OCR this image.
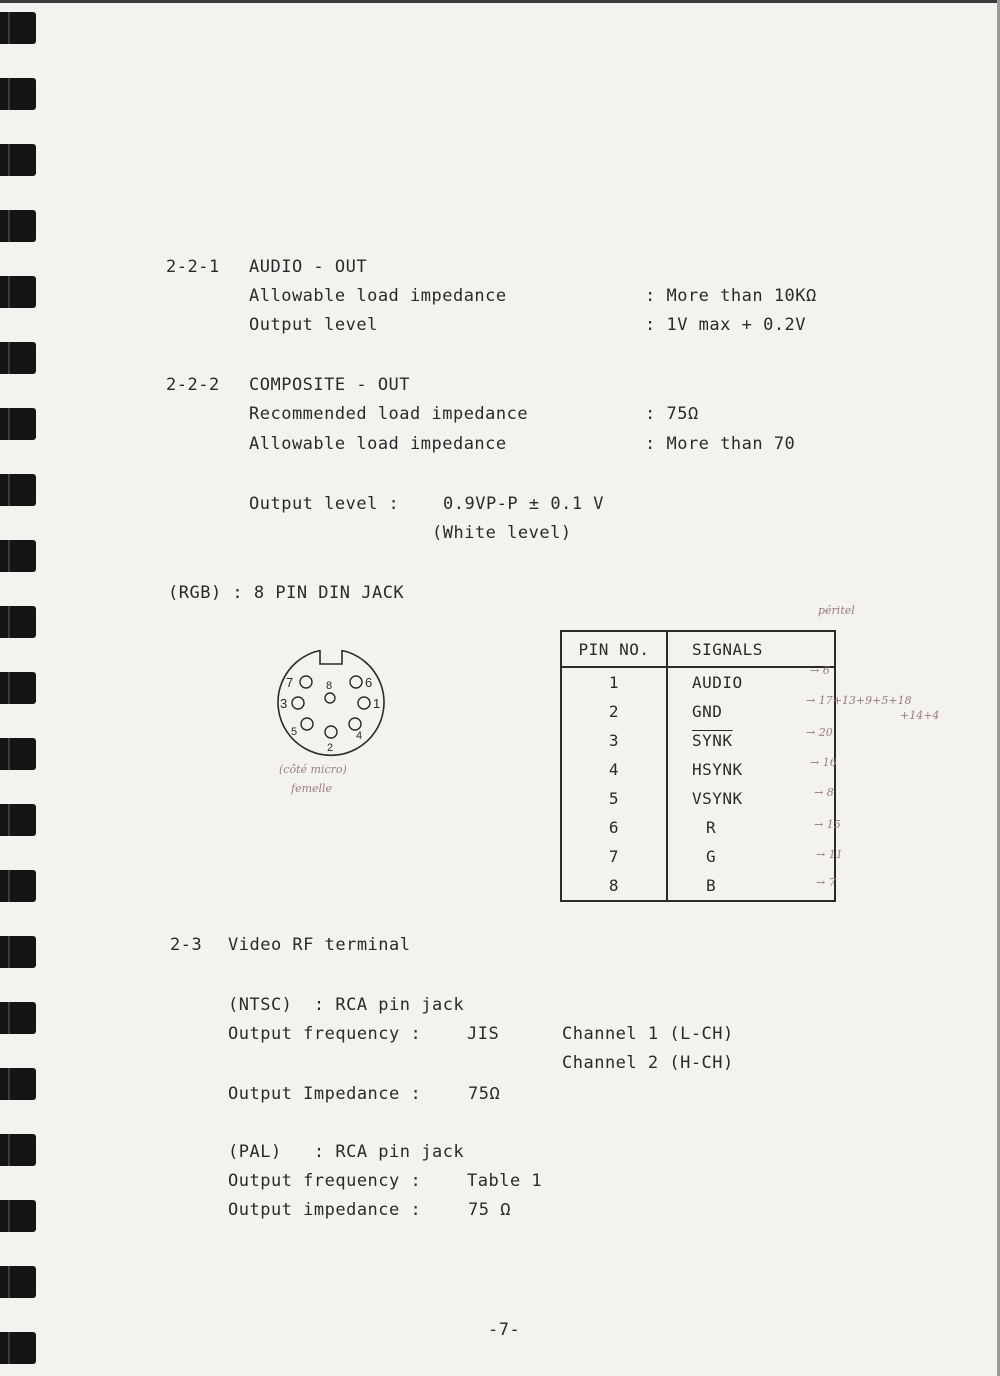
2-2-1 AUDIO - OUT
Allowable load impedance	: More than 10KΩ
Output level	: 1V max + 0.2V
2-2-2 COMPOSITE - OUT
Recommended load impedance	: 75Ω
Allowable load impedance	: More than 70
Output level :	0.9VP-P ± 0.1 V
(White level)
(RGB) : 8 PIN DIN JACK
7	6
8
3	1
5
2
4
(côté micro)
femelle
péritel
PIN NO.	SIGNALS
1	AUDIO
2	GND
3	SYNK
4	HSYNK
5	VSYNK
6	R
7	G
8	B
→ 6
→ 17+13+9+5+18
+14+4
→ 20
→ 16
→ 8
→ 15
→ 11
→ 7
2-3 Video RF terminal
(NTSC)  : RCA pin jack
Output frequency :	JIS	Channel 1 (L-CH)
Channel 2 (H-CH)
Output Impedance :	75Ω
(PAL)   : RCA pin jack
Output frequency :	Table 1
Output impedance :	75 Ω
-7-
